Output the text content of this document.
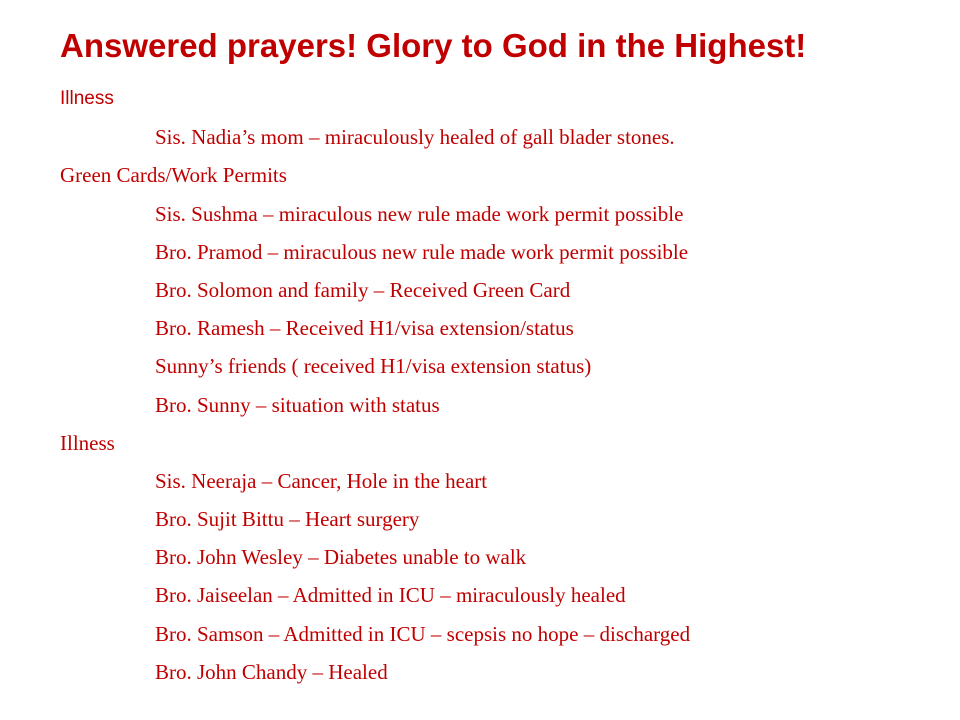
Answered prayers! Glory to God in the Highest!
Illness
Sis. Nadia’s mom – miraculously healed of gall blader stones.
Green Cards/Work Permits
Sis. Sushma – miraculous new rule made work permit possible
Bro. Pramod – miraculous new rule made work permit possible
Bro. Solomon and family – Received Green Card
Bro. Ramesh – Received H1/visa extension/status
Sunny’s friends ( received H1/visa extension status)
Bro. Sunny – situation with status
Illness
Sis. Neeraja – Cancer, Hole in the heart
Bro. Sujit Bittu – Heart surgery
Bro. John Wesley – Diabetes unable to walk
Bro. Jaiseelan – Admitted in ICU – miraculously healed
Bro. Samson – Admitted in ICU – scepsis no hope – discharged
Bro. John Chandy – Healed
